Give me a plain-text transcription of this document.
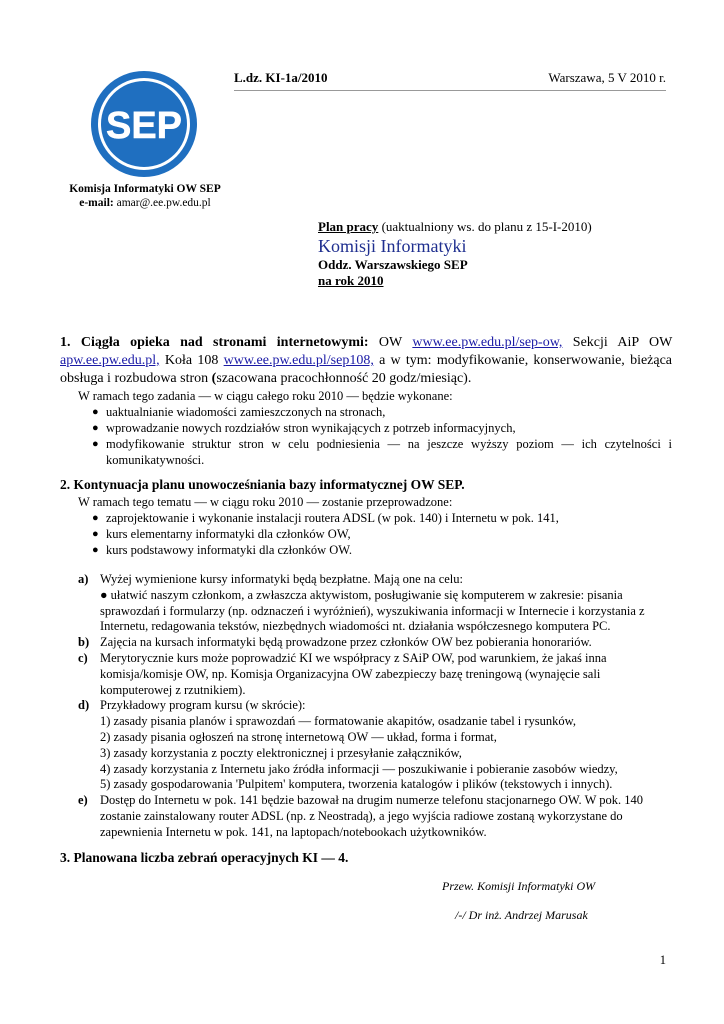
SEP
Komisja Informatyki OW SEP
e-mail: amar@.ee.pw.edu.pl
L.dz. KI-1a/2010	Warszawa, 5 V 2010 r.
Plan pracy (uaktualniony ws. do planu z 15-I-2010)
Komisji Informatyki
Oddz. Warszawskiego SEP
na rok 2010
1. Ciągła opieka nad stronami internetowymi: OW www.ee.pw.edu.pl/sep-ow, Sekcji AiP OW apw.ee.pw.edu.pl, Koła 108 www.ee.pw.edu.pl/sep108, a w tym: modyfikowanie, konserwowanie, bieżąca obsługa i rozbudowa stron (szacowana pracochłonność 20 godz/miesiąc).
W ramach tego zadania — w ciągu całego roku 2010 — będzie wykonane:
● uaktualnianie wiadomości zamieszczonych na stronach,
● wprowadzanie nowych rozdziałów stron wynikających z potrzeb informacyjnych,
● modyfikowanie struktur stron w celu podniesienia — na jeszcze wyższy poziom — ich czytelności i komunikatywności.
2. Kontynuacja planu unowocześniania bazy informatycznej OW SEP.
W ramach tego tematu — w ciągu roku 2010 — zostanie przeprowadzone:
● zaprojektowanie i wykonanie instalacji routera ADSL (w pok. 140) i Internetu w pok. 141,
● kurs elementarny informatyki dla członków OW,
● kurs podstawowy informatyki dla członków OW.
a) Wyżej wymienione kursy informatyki będą bezpłatne. Mają one na celu:
● ułatwić naszym członkom, a zwłaszcza aktywistom, posługiwanie się komputerem w zakresie: pisania sprawozdań i formularzy (np. odznaczeń i wyróżnień), wyszukiwania informacji w Internecie i korzystania z Internetu, redagowania tekstów, niezbędnych wiadomości nt. działania współczesnego komputera PC.
b) Zajęcia na kursach informatyki będą prowadzone przez członków OW bez pobierania honorariów.
c) Merytorycznie kurs może poprowadzić KI we współpracy z SAiP OW, pod warunkiem, że jakaś inna komisja/komisje OW, np. Komisja Organizacyjna OW zabezpieczy bazę treningową (wynajęcie sali komputerowej z rzutnikiem).
d) Przykładowy program kursu (w skrócie):
1) zasady pisania planów i sprawozdań — formatowanie akapitów, osadzanie tabel i rysunków,
2) zasady pisania ogłoszeń na stronę internetową OW — układ, forma i format,
3) zasady korzystania z poczty elektronicznej i przesyłanie załączników,
4) zasady korzystania z Internetu jako źródła informacji — poszukiwanie i pobieranie zasobów wiedzy,
5) zasady gospodarowania 'Pulpitem' komputera, tworzenia katalogów i plików (tekstowych i innych).
e) Dostęp do Internetu w pok. 141 będzie bazował na drugim numerze telefonu stacjonarnego OW. W pok. 140 zostanie zainstalowany router ADSL (np. z Neostradą), a jego wyjścia radiowe zostaną wykorzystane do zapewnienia Internetu w pok. 141, na laptopach/notebookach użytkowników.
3. Planowana liczba zebrań operacyjnych KI — 4.
Przew. Komisji Informatyki OW
/-/ Dr inż. Andrzej Marusak
1
